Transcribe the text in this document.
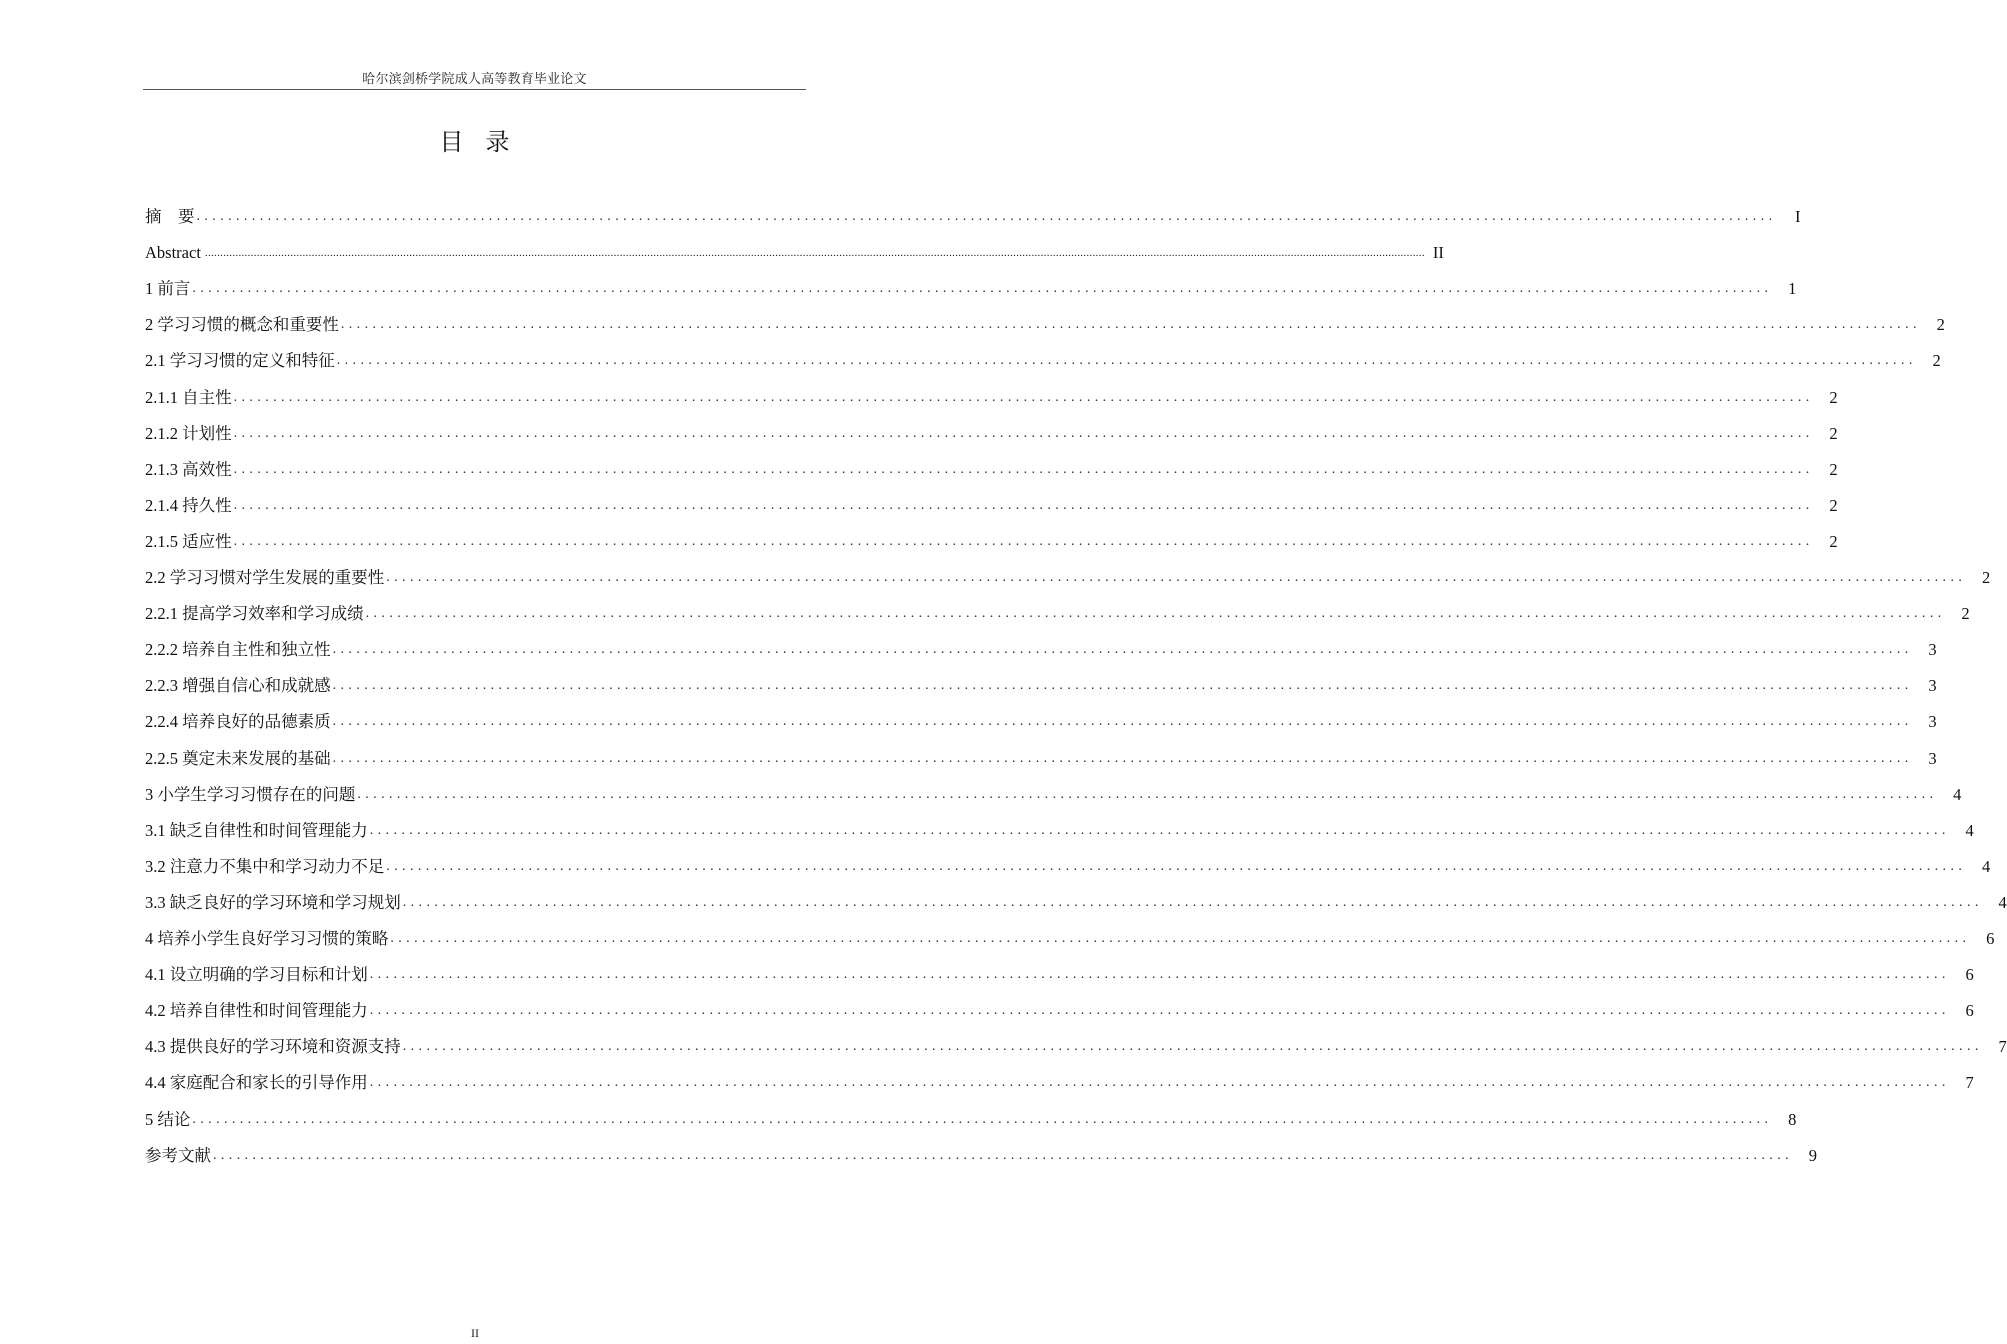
哈尔滨剑桥学院成人高等教育毕业论文
目录
摘　要 ........................................................................................................................................................................................................ I
Abstract ................................................................................................................................................................................................................................................................................................................................................................................................................ II
1 前言 ........................................................................................................................................................................................................ 1
2 学习习惯的概念和重要性 ........................................................................................................................................................................................................ 2
2.1 学习习惯的定义和特征 ........................................................................................................................................................................................................ 2
2.1.1 自主性 ........................................................................................................................................................................................................ 2
2.1.2 计划性 ........................................................................................................................................................................................................ 2
2.1.3 高效性 ........................................................................................................................................................................................................ 2
2.1.4 持久性 ........................................................................................................................................................................................................ 2
2.1.5 适应性 ........................................................................................................................................................................................................ 2
2.2 学习习惯对学生发展的重要性 ........................................................................................................................................................................................................ 2
2.2.1 提高学习效率和学习成绩 ........................................................................................................................................................................................................ 2
2.2.2 培养自主性和独立性 ........................................................................................................................................................................................................ 3
2.2.3 增强自信心和成就感 ........................................................................................................................................................................................................ 3
2.2.4 培养良好的品德素质 ........................................................................................................................................................................................................ 3
2.2.5 奠定未来发展的基础 ........................................................................................................................................................................................................ 3
3 小学生学习习惯存在的问题 ........................................................................................................................................................................................................ 4
3.1 缺乏自律性和时间管理能力 ........................................................................................................................................................................................................ 4
3.2 注意力不集中和学习动力不足 ........................................................................................................................................................................................................ 4
3.3 缺乏良好的学习环境和学习规划 ........................................................................................................................................................................................................ 4
4 培养小学生良好学习习惯的策略 ........................................................................................................................................................................................................ 6
4.1 设立明确的学习目标和计划 ........................................................................................................................................................................................................ 6
4.2 培养自律性和时间管理能力 ........................................................................................................................................................................................................ 6
4.3 提供良好的学习环境和资源支持 ........................................................................................................................................................................................................ 7
4.4 家庭配合和家长的引导作用 ........................................................................................................................................................................................................ 7
5 结论 ........................................................................................................................................................................................................ 8
参考文献 ........................................................................................................................................................................................................ 9
II
